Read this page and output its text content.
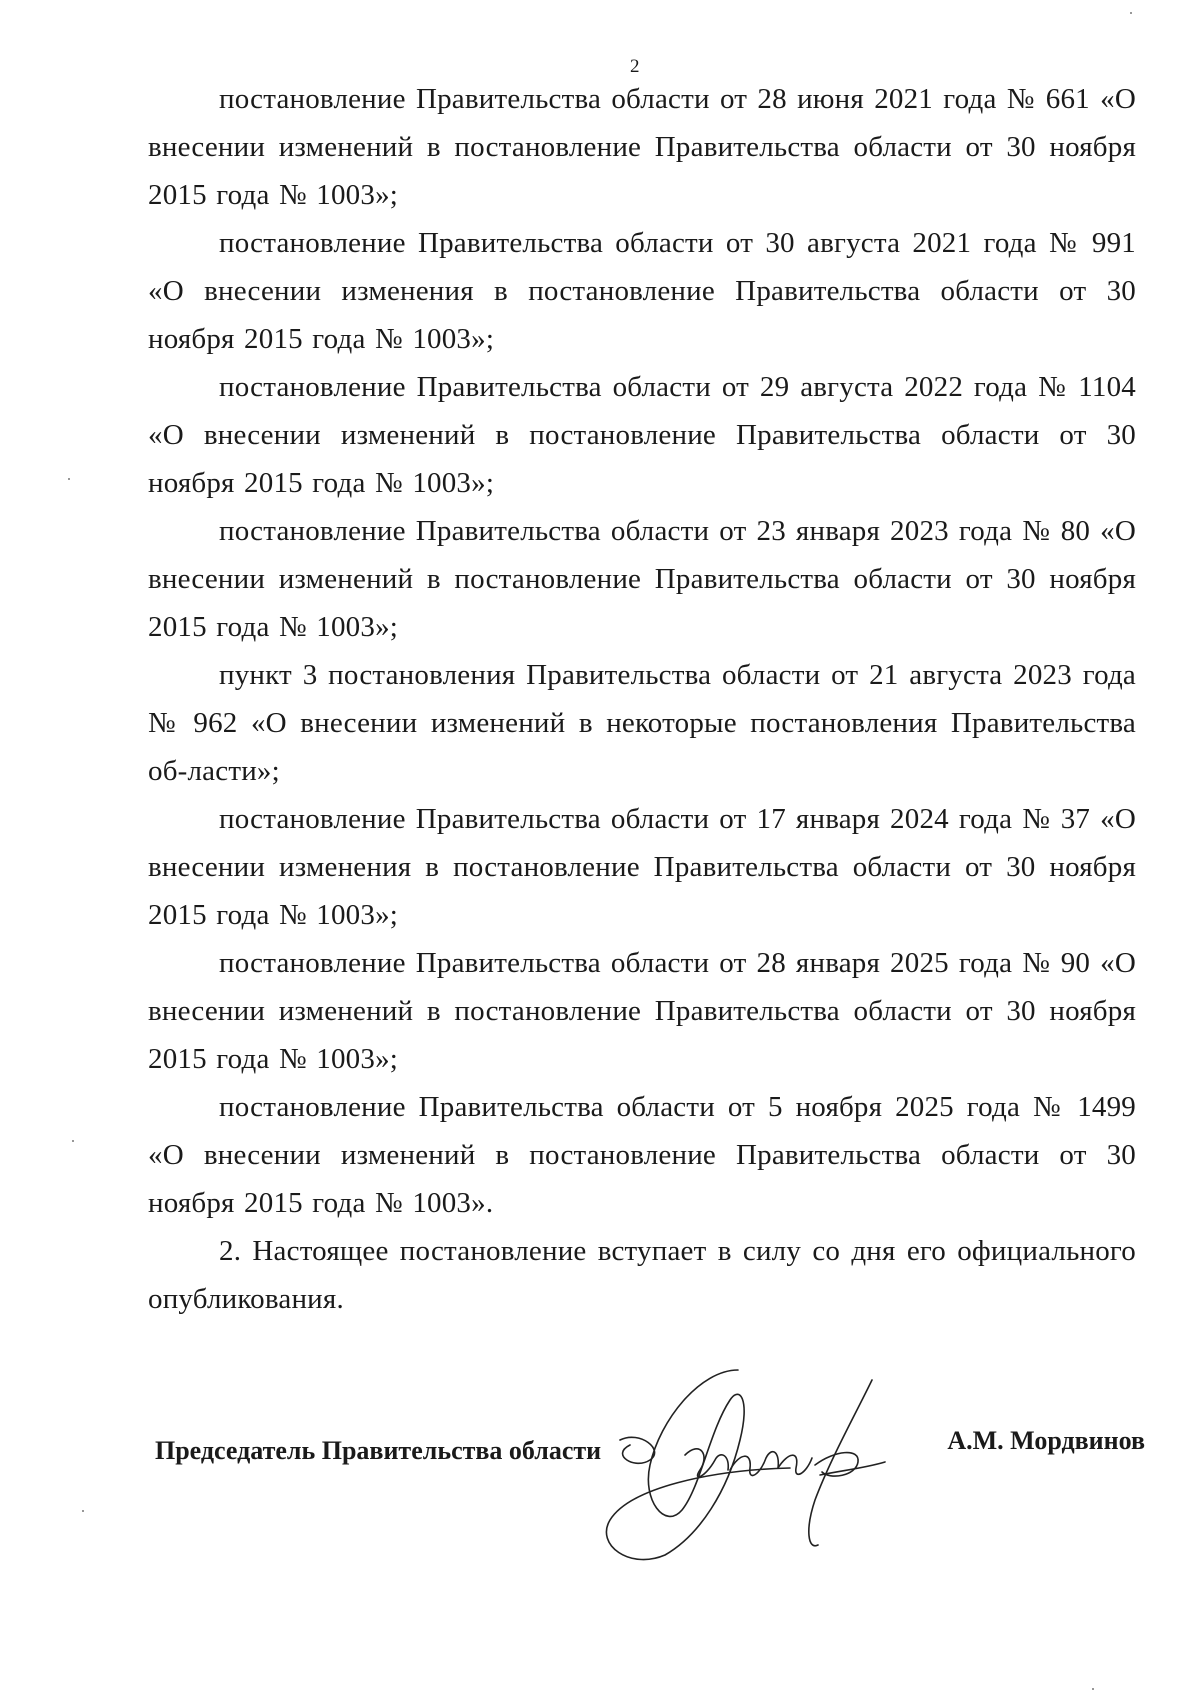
2

постановление Правительства области от 28 июня 2021 года № 661 «О внесении изменений в постановление Правительства области от 30 ноября 2015 года № 1003»;

постановление Правительства области от 30 августа 2021 года № 991 «О внесении изменения в постановление Правительства области от 30 ноября 2015 года № 1003»;

постановление Правительства области от 29 августа 2022 года № 1104 «О внесении изменений в постановление Правительства области от 30 ноября 2015 года № 1003»;

постановление Правительства области от 23 января 2023 года № 80 «О внесении изменений в постановление Правительства области от 30 ноября 2015 года № 1003»;

пункт 3 постановления Правительства области от 21 августа 2023 года № 962 «О внесении изменений в некоторые постановления Правительства об-ласти»;

постановление Правительства области от 17 января 2024 года № 37 «О внесении изменения в постановление Правительства области от 30 ноября 2015 года № 1003»;

постановление Правительства области от 28 января 2025 года № 90 «О внесении изменений в постановление Правительства области от 30 ноября 2015 года № 1003»;

постановление Правительства области от 5 ноября 2025 года № 1499 «О внесении изменений в постановление Правительства области от 30 ноября 2015 года № 1003».

2. Настоящее постановление вступает в силу со дня его официального опубликования.

Председатель Правительства области	А.М. Мордвинов
